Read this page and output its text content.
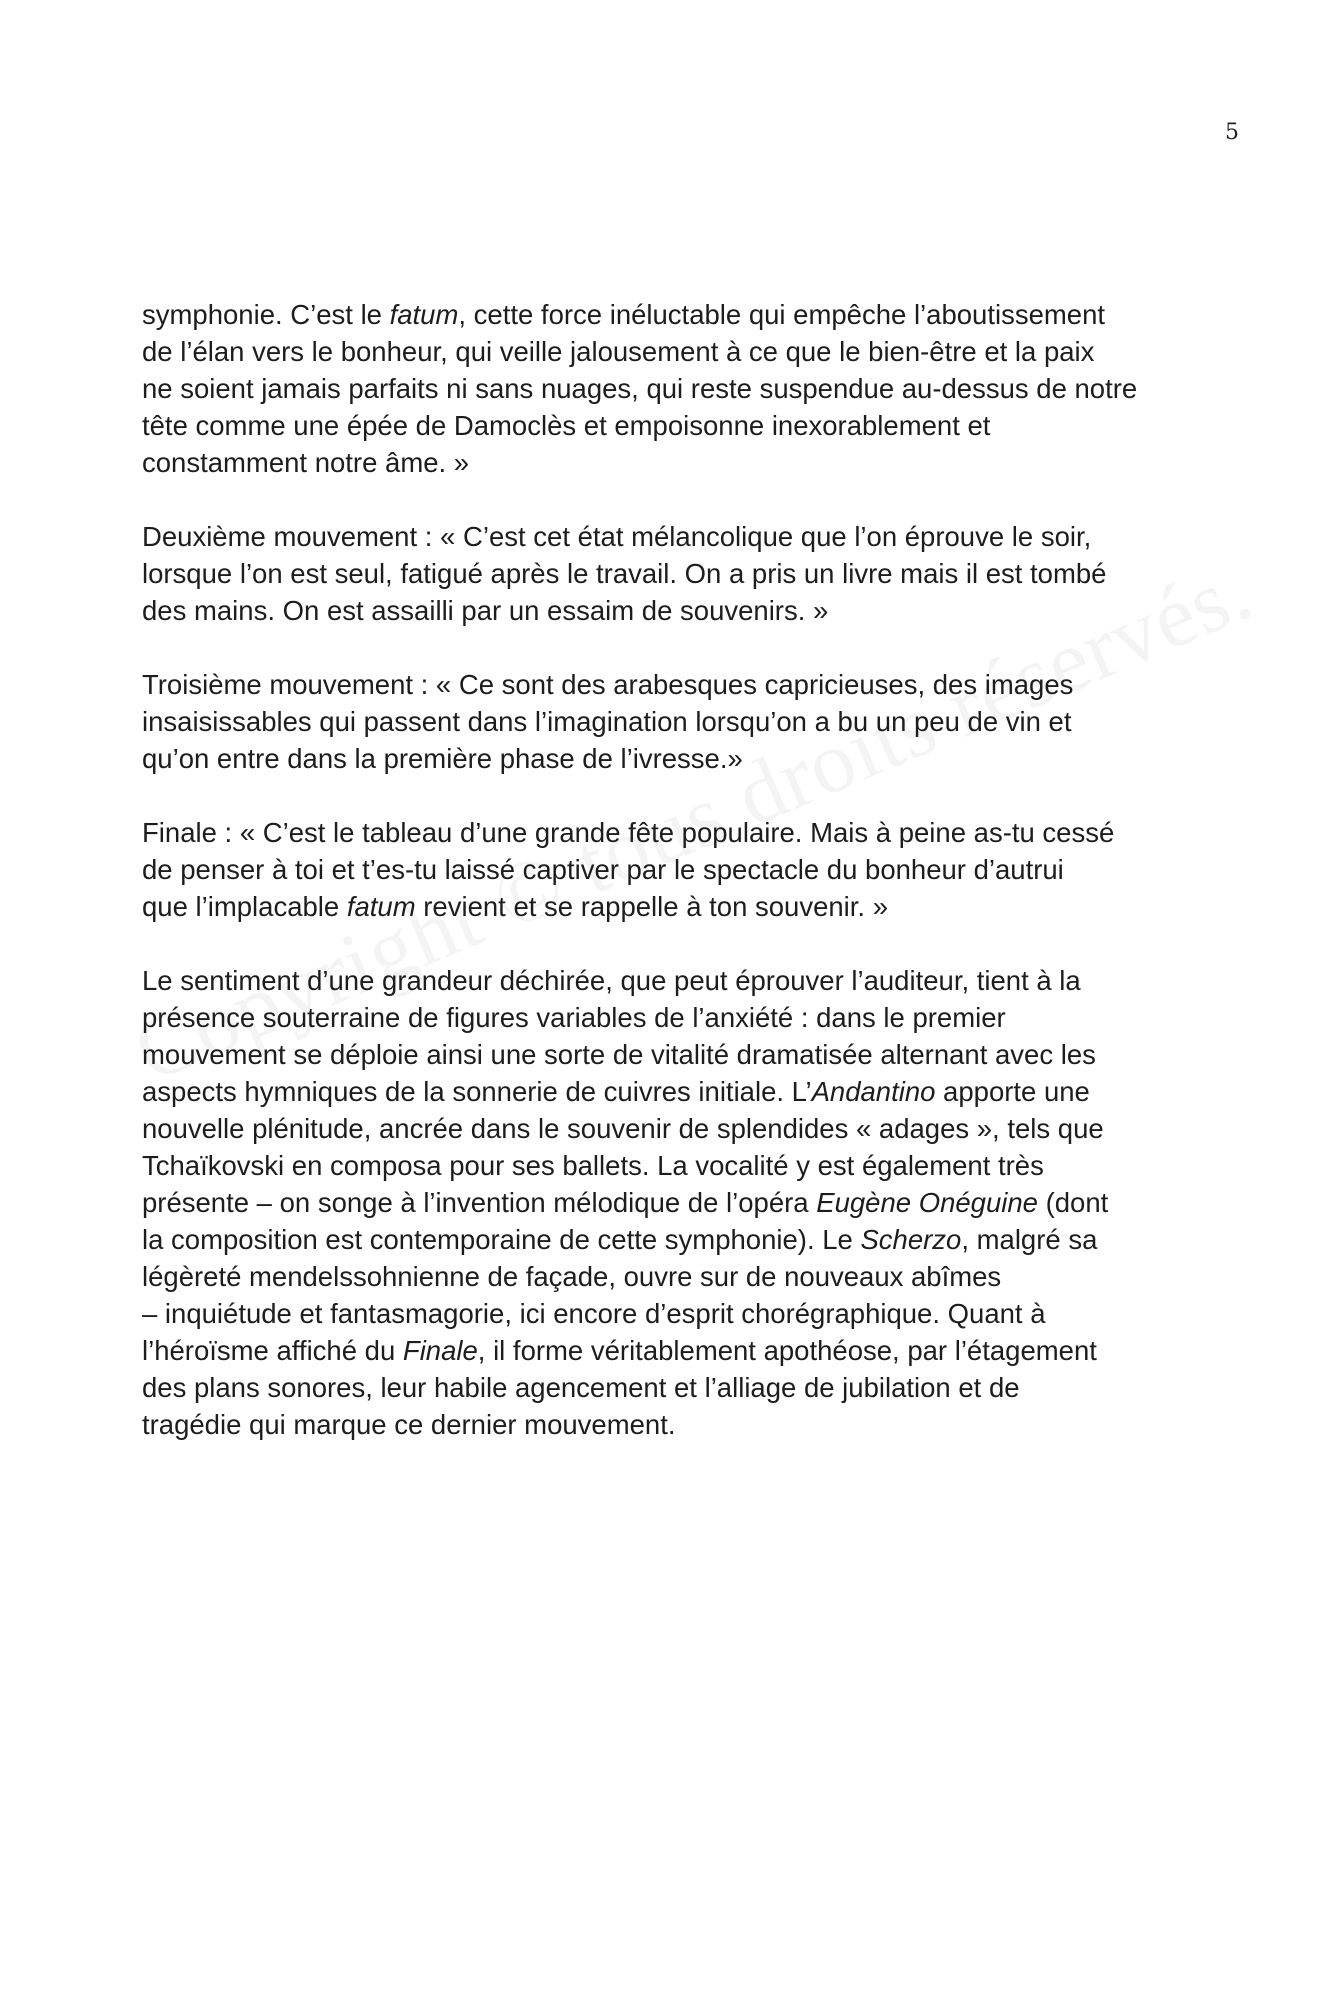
5
symphonie. C’est le fatum, cette force inéluctable qui empêche l’aboutissement
de l’élan vers le bonheur, qui veille jalousement à ce que le bien-être et la paix
ne soient jamais parfaits ni sans nuages, qui reste suspendue au-dessus de notre
tête comme une épée de Damoclès et empoisonne inexorablement et
constamment notre âme. »
Deuxième mouvement : « C’est cet état mélancolique que l’on éprouve le soir,
lorsque l’on est seul, fatigué après le travail. On a pris un livre mais il est tombé
des mains. On est assailli par un essaim de souvenirs. »
Troisième mouvement : « Ce sont des arabesques capricieuses, des images
insaisissables qui passent dans l’imagination lorsqu’on a bu un peu de vin et
qu’on entre dans la première phase de l’ivresse.»
Finale : « C’est le tableau d’une grande fête populaire. Mais à peine as-tu cessé
de penser à toi et t’es-tu laissé captiver par le spectacle du bonheur d’autrui
que l’implacable fatum revient et se rappelle à ton souvenir. »
Le sentiment d’une grandeur déchirée, que peut éprouver l’auditeur, tient à la
présence souterraine de figures variables de l’anxiété : dans le premier
mouvement se déploie ainsi une sorte de vitalité dramatisée alternant avec les
aspects hymniques de la sonnerie de cuivres initiale. L’Andantino apporte une
nouvelle plénitude, ancrée dans le souvenir de splendides « adages », tels que
Tchaïkovski en composa pour ses ballets. La vocalité y est également très
présente – on songe à l’invention mélodique de l’opéra Eugène Onéguine (dont
la composition est contemporaine de cette symphonie). Le Scherzo, malgré sa
légèreté mendelssohnienne de façade, ouvre sur de nouveaux abîmes
– inquiétude et fantasmagorie, ici encore d’esprit chorégraphique. Quant à
l’héroïsme affiché du Finale, il forme véritablement apothéose, par l’étagement
des plans sonores, leur habile agencement et l’alliage de jubilation et de
tragédie qui marque ce dernier mouvement.
